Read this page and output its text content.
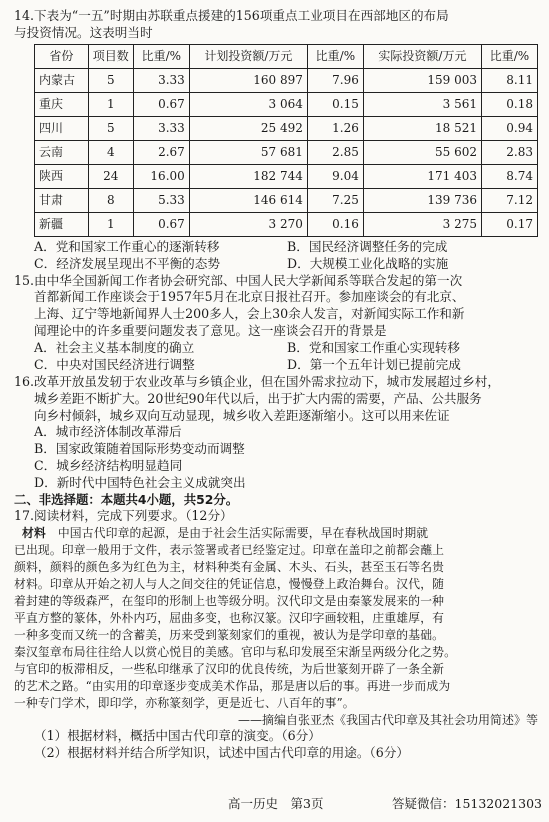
14. 下表为“一五”时期由苏联重点援建的156项重点工业项目在西部地区的布局
与投资情况。这表明当时
省份	项目数	比重/%	计划投资额/万元	比重/%	实际投资额/万元	比重/%
内蒙古	5	3.33	160 897	7.96	159 003	8.11
重庆	1	0.67	3 064	0.15	3 561	0.18
四川	5	3.33	25 492	1.26	18 521	0.94
云南	4	2.67	57 681	2.85	55 602	2.83
陕西	24	16.00	182 744	9.04	171 403	8.74
甘肃	8	5.33	146 614	7.25	139 736	7.12
新疆	1	0.67	3 270	0.16	3 275	0.17
A．党和国家工作重心的逐渐转移	B．国民经济调整任务的完成
C．经济发展呈现出不平衡的态势	D．大规模工业化战略的实施
15. 由中华全国新闻工作者协会研究部、中国人民大学新闻系等联合发起的第一次
首都新闻工作座谈会于1957年5月在北京日报社召开。参加座谈会的有北京、
上海、辽宁等地新闻界人士200多人，会上30余人发言，对新闻实际工作和新
闻理论中的许多重要问题发表了意见。这一座谈会召开的背景是
A．社会主义基本制度的确立	B．党和国家工作重心实现转移
C．中央对国民经济进行调整	D．第一个五年计划已提前完成
16. 改革开放虽发轫于农业改革与乡镇企业，但在国外需求拉动下，城市发展超过乡村，
城乡差距不断扩大。20世纪90年代以后，出于扩大内需的需要，产品、公共服务
向乡村倾斜，城乡双向互动显现，城乡收入差距逐渐缩小。这可以用来佐证
A．城市经济体制改革滞后
B．国家政策随着国际形势变动而调整
C．城乡经济结构明显趋同
D．新时代中国特色社会主义成就突出
二、非选择题：本题共4小题，共52分。
17. 阅读材料，完成下列要求。（12分）
材料　中国古代印章的起源，是由于社会生活实际需要，早在春秋战国时期就
已出现。印章一般用于文件，表示签署或者已经鉴定过。印章在盖印之前都会蘸上
颜料，颜料的颜色多为红色为主，材料种类有金属、木头、石头，甚至玉石等名贵
材料。印章从开始之初人与人之间交往的凭证信息，慢慢登上政治舞台。汉代，随
着封建的等级森严，在玺印的形制上也等级分明。汉代印文是由秦篆发展来的一种
平直方整的篆体，外朴内巧，屈曲多变，也称汉篆。汉印字画较粗，庄重雄厚，有
一种多变而又统一的含蓄美，历来受到篆刻家们的重视，被认为是学印章的基础。
秦汉玺章布局往往给人以赏心悦目的美感。官印与私印发展至宋渐呈两级分化之势。
与官印的板滞相反，一些私印继承了汉印的优良传统，为后世篆刻开辟了一条全新
的艺术之路。“由实用的印章逐步变成美术作品，那是唐以后的事。再进一步而成为
一种专门学术，即印学，亦称篆刻学，更是近七、八百年的事”。
——摘编自张亚杰《我国古代印章及其社会功用简述》等
（1）根据材料，概括中国古代印章的演变。（6分）
（2）根据材料并结合所学知识，试述中国古代印章的用途。（6分）
高一历史　第3页	答疑微信：15132021303
